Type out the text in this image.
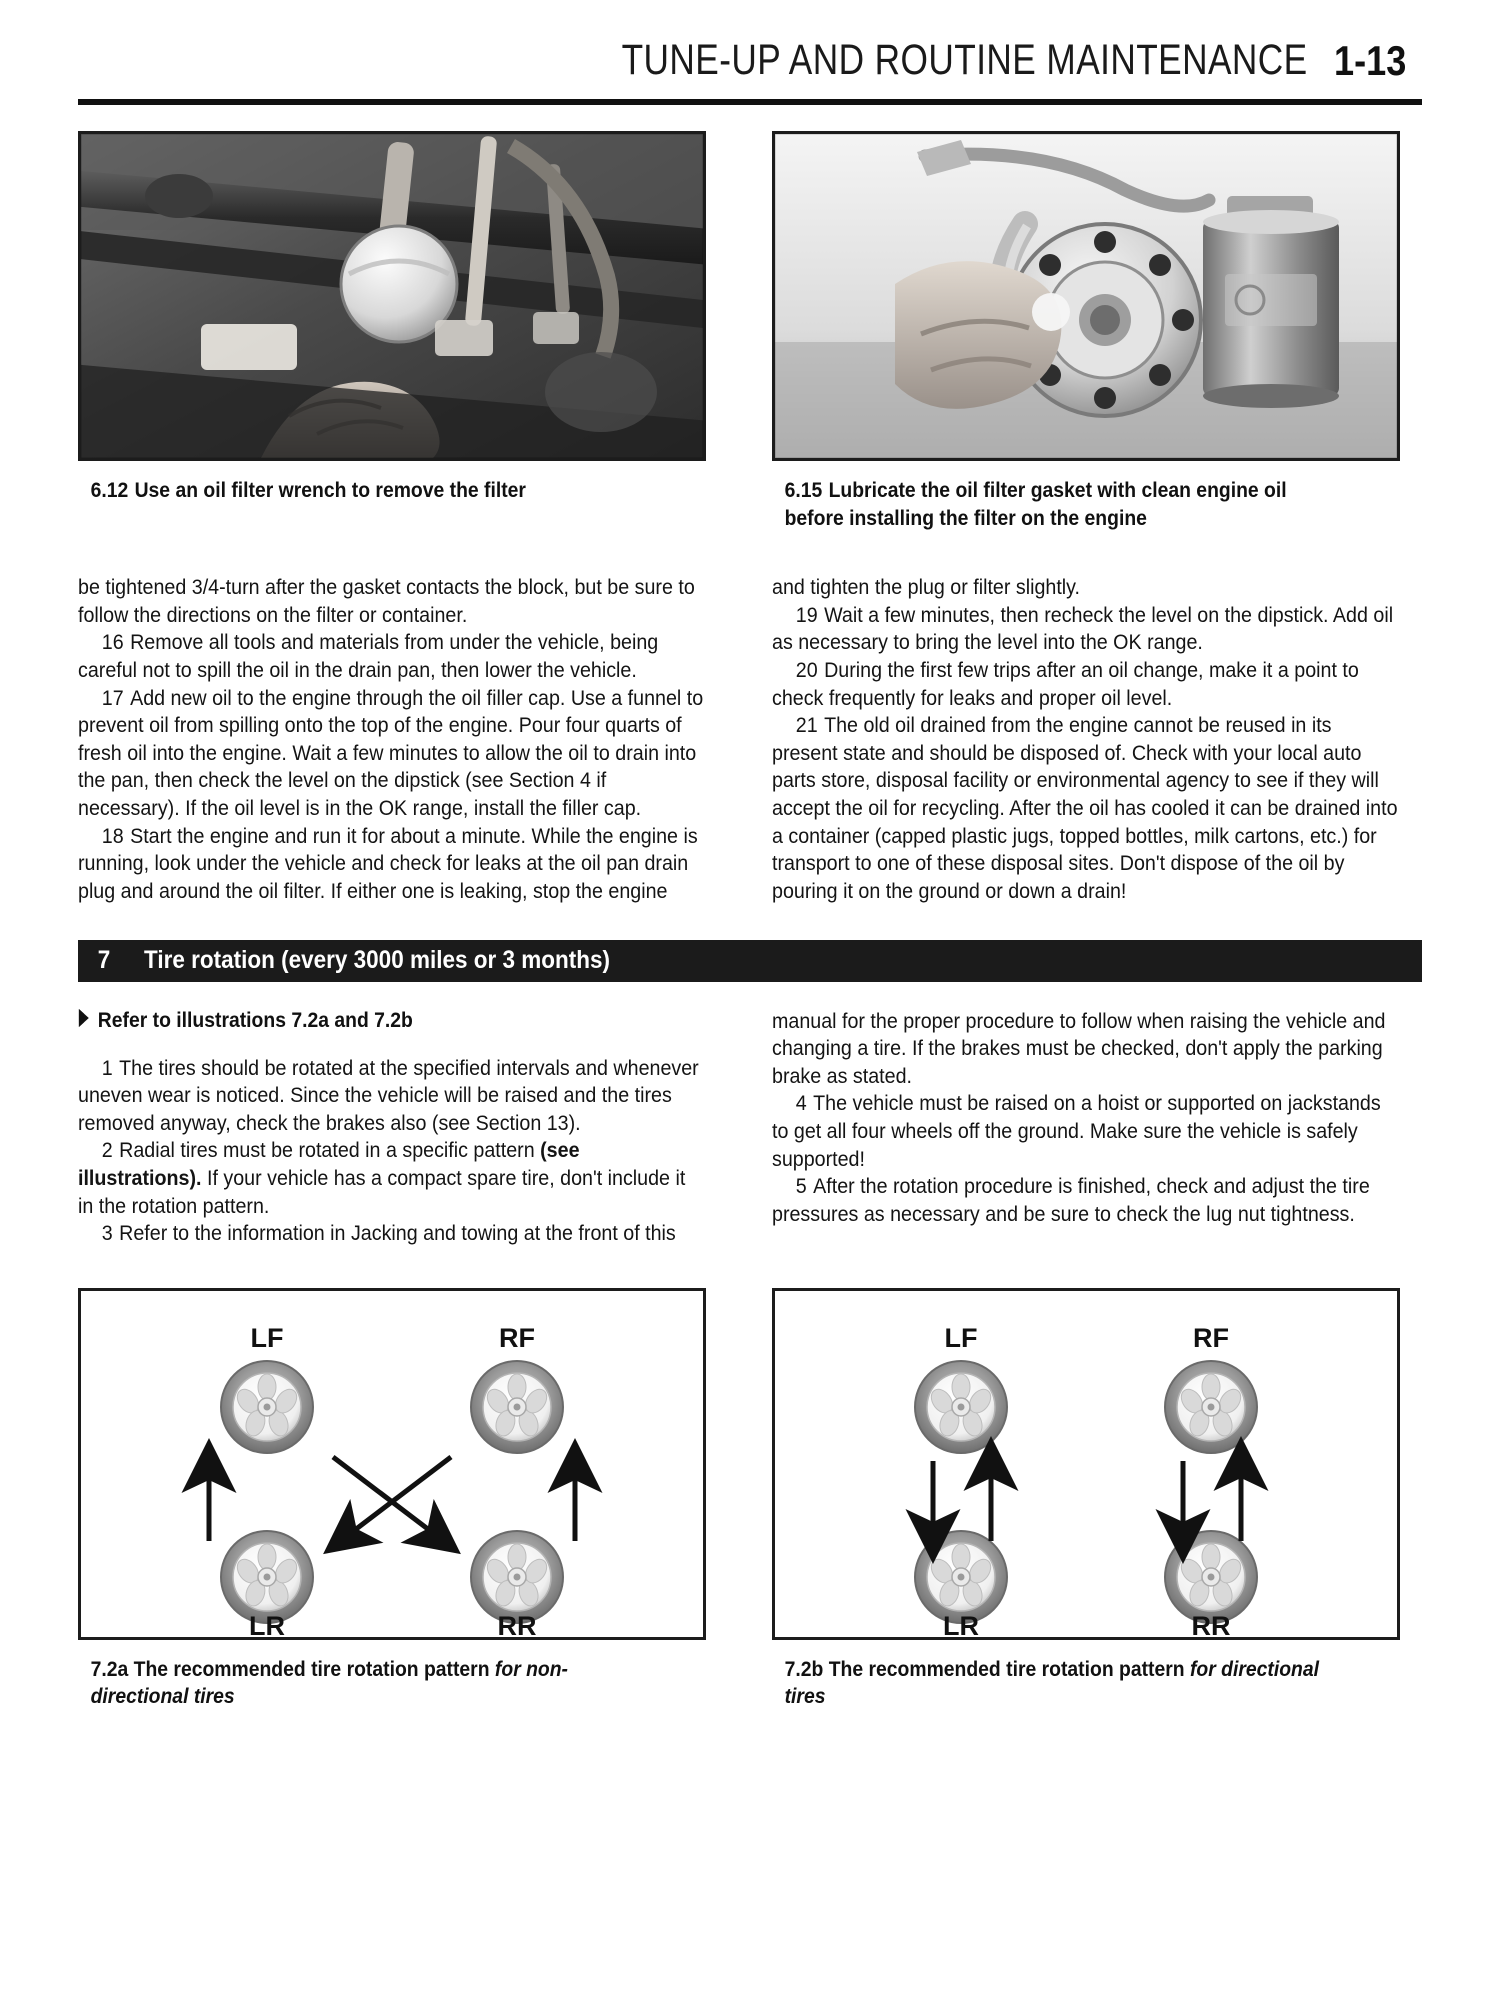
TUNE-UP AND ROUTINE MAINTENANCE 1-13
6.12 Use an oil filter wrench to remove the filter	6.15 Lubricate the oil filter gasket with clean engine oil before installing the filter on the engine

be tightened 3/4-turn after the gasket contacts the block, but be sure to follow the directions on the filter or container.

16 Remove all tools and materials from under the vehicle, being careful not to spill the oil in the drain pan, then lower the vehicle.

17 Add new oil to the engine through the oil filler cap. Use a funnel to prevent oil from spilling onto the top of the engine. Pour four quarts of fresh oil into the engine. Wait a few minutes to allow the oil to drain into the pan, then check the level on the dipstick (see Section 4 if necessary). If the oil level is in the OK range, install the filler cap.

18 Start the engine and run it for about a minute. While the engine is running, look under the vehicle and check for leaks at the oil pan drain plug and around the oil filter. If either one is leaking, stop the engine

and tighten the plug or filter slightly.

19 Wait a few minutes, then recheck the level on the dipstick. Add oil as necessary to bring the level into the OK range.

20 During the first few trips after an oil change, make it a point to check frequently for leaks and proper oil level.

21 The old oil drained from the engine cannot be reused in its present state and should be disposed of. Check with your local auto parts store, disposal facility or environmental agency to see if they will accept the oil for recycling. After the oil has cooled it can be drained into a container (capped plastic jugs, topped bottles, milk cartons, etc.) for transport to one of these disposal sites. Don't dispose of the oil by pouring it on the ground or down a drain!

7	Tire rotation (every 3000 miles or 3 months)
Refer to illustrations 7.2a and 7.2b

1 The tires should be rotated at the specified intervals and whenever uneven wear is noticed. Since the vehicle will be raised and the tires removed anyway, check the brakes also (see Section 13).

2 Radial tires must be rotated in a specific pattern (see illustrations). If your vehicle has a compact spare tire, don't include it in the rotation pattern.

3 Refer to the information in Jacking and towing at the front of this

manual for the proper procedure to follow when raising the vehicle and changing a tire. If the brakes must be checked, don't apply the parking brake as stated.

4 The vehicle must be raised on a hoist or supported on jackstands to get all four wheels off the ground. Make sure the vehicle is safely supported!

5 After the rotation procedure is finished, check and adjust the tire pressures as necessary and be sure to check the lug nut tightness.

LF	RF
LR	RR
7.2a The recommended tire rotation pattern for non-directional tires
LF	RF
LR	RR
7.2b The recommended tire rotation pattern for directional tires
